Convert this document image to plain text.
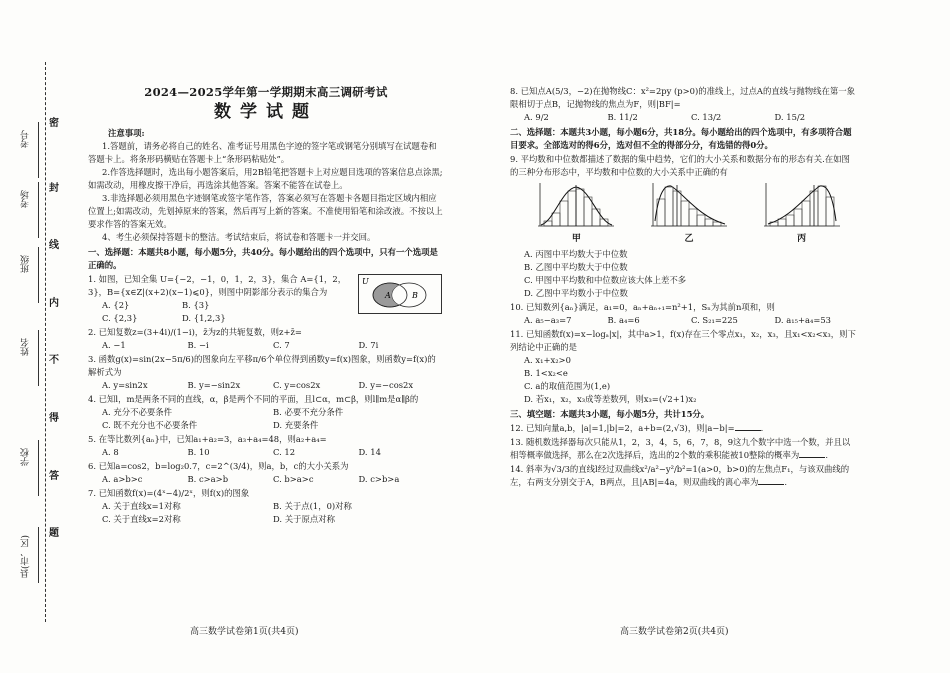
密
封
线
内
不
得
答
题
考号
考场
班级
姓名
学校
县(市、区)
2024—2025学年第一学期期末高三调研考试
数学试题
注意事项:
1.答题前，请务必将自己的姓名、准考证号用黑色字迹的签字笔或钢笔分别填写在试题卷和答题卡上。将条形码横贴在答题卡上“条形码粘贴处”。
2.作答选择题时，选出每小题答案后，用2B铅笔把答题卡上对应题目选项的答案信息点涂黑;如需改动，用橡皮擦干净后，再选涂其他答案。答案不能答在试卷上。
3.非选择题必须用黑色字迹钢笔或签字笔作答，答案必须写在答题卡各题目指定区域内相应位置上;如需改动，先划掉原来的答案，然后再写上新的答案。不准使用铅笔和涂改液。不按以上要求作答的答案无效。
4、考生必须保持答题卡的整洁。考试结束后，将试卷和答题卡一并交回。
一、选择题：本题共8小题，每小题5分，共40分。每小题给出的四个选项中，只有一个选项是正确的。
U
A	B
1. 如图，已知全集 U={−2，−1，0，1，2，3}，集合 A={1，2，3}，B={x∈Z|(x+2)(x−1)⩽0}，则图中阴影部分表示的集合为
A. {2}	B. {3}
C. {2,3}	D. {1,2,3}
2. 已知复数z=(3+4i)/(1−i)，z̄为z的共轭复数，则z+z̄=
A. −1	B. −i	C. 7	D. 7i
3. 函数g(x)=sin(2x−5π/6)的图象向左平移π/6个单位得到函数y=f(x)图象，则函数y=f(x)的解析式为
A. y=sin2x	B. y=−sin2x	C. y=cos2x	D. y=−cos2x
4. 已知l，m是两条不同的直线，α，β是两个不同的平面，且l⊂α，m⊂β，则l∥m是α∥β的
A. 充分不必要条件	B. 必要不充分条件
C. 既不充分也不必要条件	D. 充要条件
5. 在等比数列{aₙ}中，已知a₁+a₂=3，a₃+a₄=48，则a₂+a₄=
A. 8	B. 10	C. 12	D. 14
6. 已知a=cos2，b=log₂0.7，c=2^(3/4)，则a，b，c的大小关系为
A. a>b>c	B. c>a>b	C. b>a>c	D. c>b>a
7. 已知函数f(x)=(4ˣ−4)/2ˣ，则f(x)的图象
A. 关于直线x=1对称	B. 关于点(1，0)对称
C. 关于直线x=2对称	D. 关于原点对称
高三数学试卷第1页(共4页)
8. 已知点A(5/3，−2)在抛物线C：x²=2py (p>0)的准线上，过点A的直线与抛物线在第一象限相切于点B，记抛物线的焦点为F，则|BF|=
A. 9/2	B. 11/2	C. 13/2	D. 15/2
二、选择题：本题共3小题，每小题6分，共18分。每小题给出的四个选项中，有多项符合题目要求。全部选对的得6分，选对但不全的得部分分，有选错的得0分。
9. 平均数和中位数都描述了数据的集中趋势，它们的大小关系和数据分布的形态有关.在如图的三种分布形态中，平均数和中位数的大小关系中正确的有
甲	乙	丙
A. 丙图中平均数大于中位数
B. 乙图中平均数大于中位数
C. 甲图中平均数和中位数应该大体上差不多
D. 乙图中平均数小于中位数
10. 已知数列{aₙ}满足，a₁=0，aₙ+aₙ₊₁=n²+1，Sₙ为其前n项和，则
A. a₅−a₃=7	B. a₄=6	C. S₂₁=225	D. a₁₅+a₄=53
11. 已知函数f(x)=x−logₐ|x|，其中a>1，f(x)存在三个零点x₁，x₂，x₃，且x₁<x₂<x₃，则下列结论中正确的是
A. x₁+x₂>0
B. 1<x₂<e
C. a的取值范围为(1,e)
D. 若x₁，x₂，x₃成等差数列，则x₃=(√2+1)x₂
三、填空题：本题共3小题，每小题5分，共计15分。
12. 已知向量a,b，|a|=1,|b|=2，a+b=(2,√3)，则|a−b|=	.
13. 随机数选择器每次只能从1，2，3，4，5，6，7，8，9这九个数字中选一个数，并且以相等概率做选择，那么在2次选择后，选出的2个数的乘积能被10整除的概率为	.
14. 斜率为√3/3的直线l经过双曲线x²/a²−y²/b²=1(a>0，b>0)的左焦点F₁，与该双曲线的左，右两支分别交于A，B两点，且|AB|=4a，则双曲线的离心率为	.
高三数学试卷第2页(共4页)
